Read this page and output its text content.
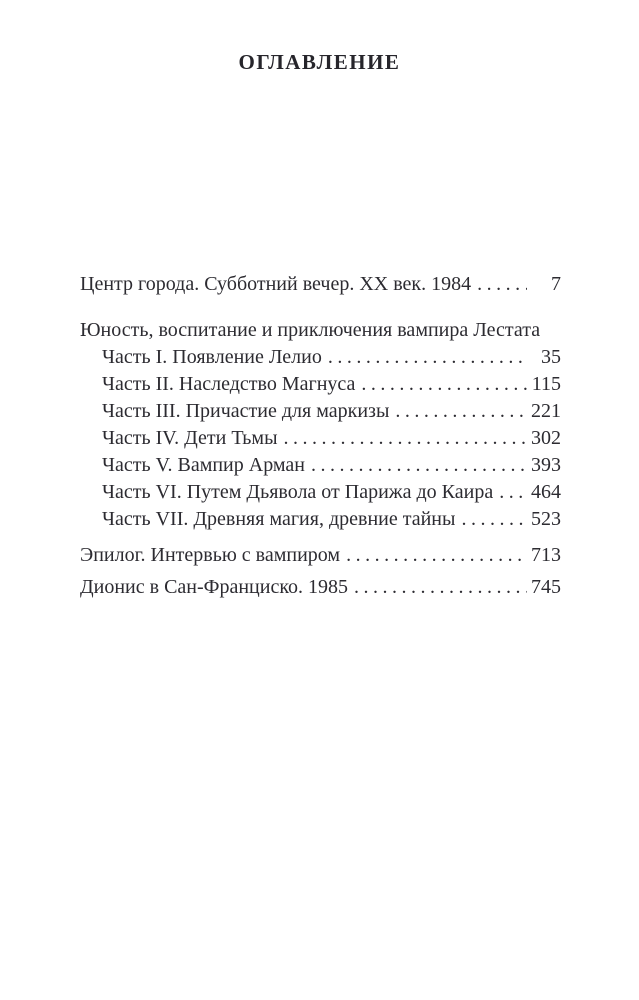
ОГЛАВЛЕНИЕ
Центр города. Субботний вечер. XX век. 1984 .....	7
Юность, воспитание и приключения вампира Лестата
Часть I. Появление Лелио .....	35
Часть II. Наследство Магнуса .....	115
Часть III. Причастие для маркизы .....	221
Часть IV. Дети Тьмы .....	302
Часть V. Вампир Арман .....	393
Часть VI. Путем Дьявола от Парижа до Каира ..... 464
Часть VII. Древняя магия, древние тайны .....	523
Эпилог. Интервью с вампиром .....	713
Дионис в Сан-Франциско. 1985 .....	745
